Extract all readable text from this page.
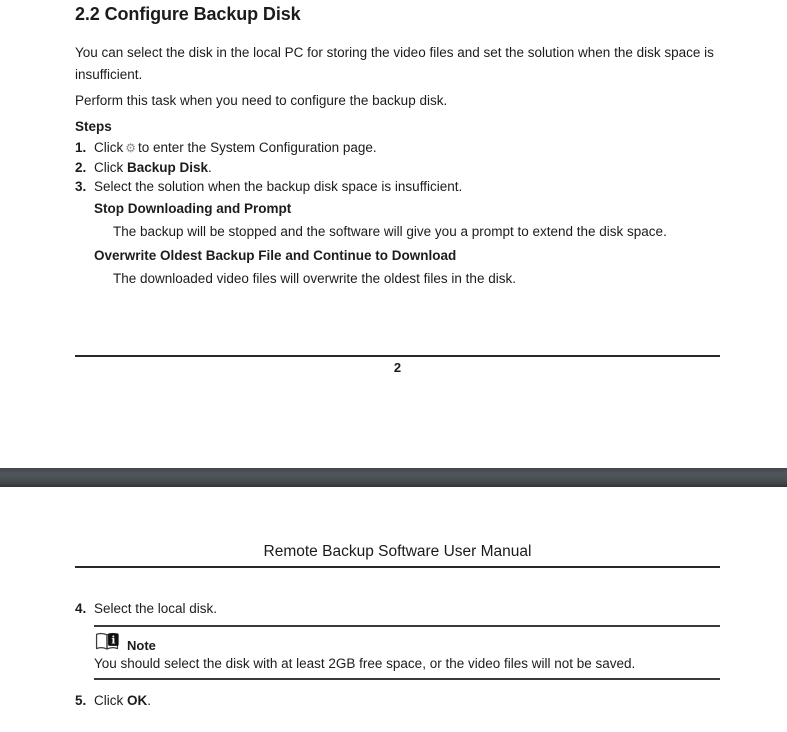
2.2 Configure Backup Disk
You can select the disk in the local PC for storing the video files and set the solution when the disk space is insufficient.
Perform this task when you need to configure the backup disk.
Steps
1. Click ⚙ to enter the System Configuration page.
2. Click Backup Disk.
3. Select the solution when the backup disk space is insufficient.
Stop Downloading and Prompt
The backup will be stopped and the software will give you a prompt to extend the disk space.
Overwrite Oldest Backup File and Continue to Download
The downloaded video files will overwrite the oldest files in the disk.
2
Remote Backup Software User Manual
4. Select the local disk.
i Note
You should select the disk with at least 2GB free space, or the video files will not be saved.
5. Click OK.
